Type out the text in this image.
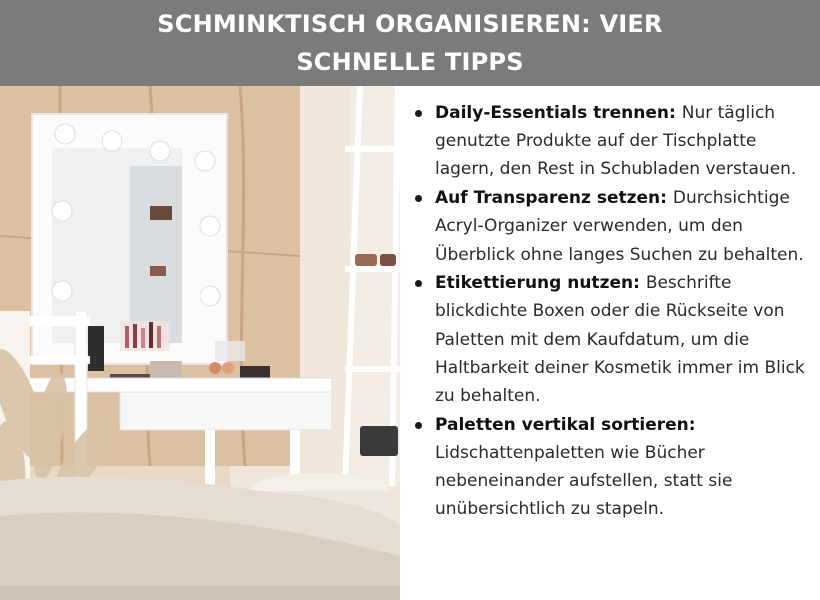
SCHMINKTISCH ORGANISIEREN: VIER SCHNELLE TIPPS
Daily-Essentials trennen: Nur täglich genutzte Produkte auf der Tischplatte lagern, den Rest in Schubladen verstauen.
Auf Transparenz setzen: Durchsichtige Acryl-Organizer verwenden, um den Überblick ohne langes Suchen zu behalten.
Etikettierung nutzen: Beschrifte blickdichte Boxen oder die Rückseite von Paletten mit dem Kaufdatum, um die Haltbarkeit deiner Kosmetik immer im Blick zu behalten.
Paletten vertikal sortieren: Lidschattenpaletten wie Bücher nebeneinander aufstellen, statt sie unübersichtlich zu stapeln.
